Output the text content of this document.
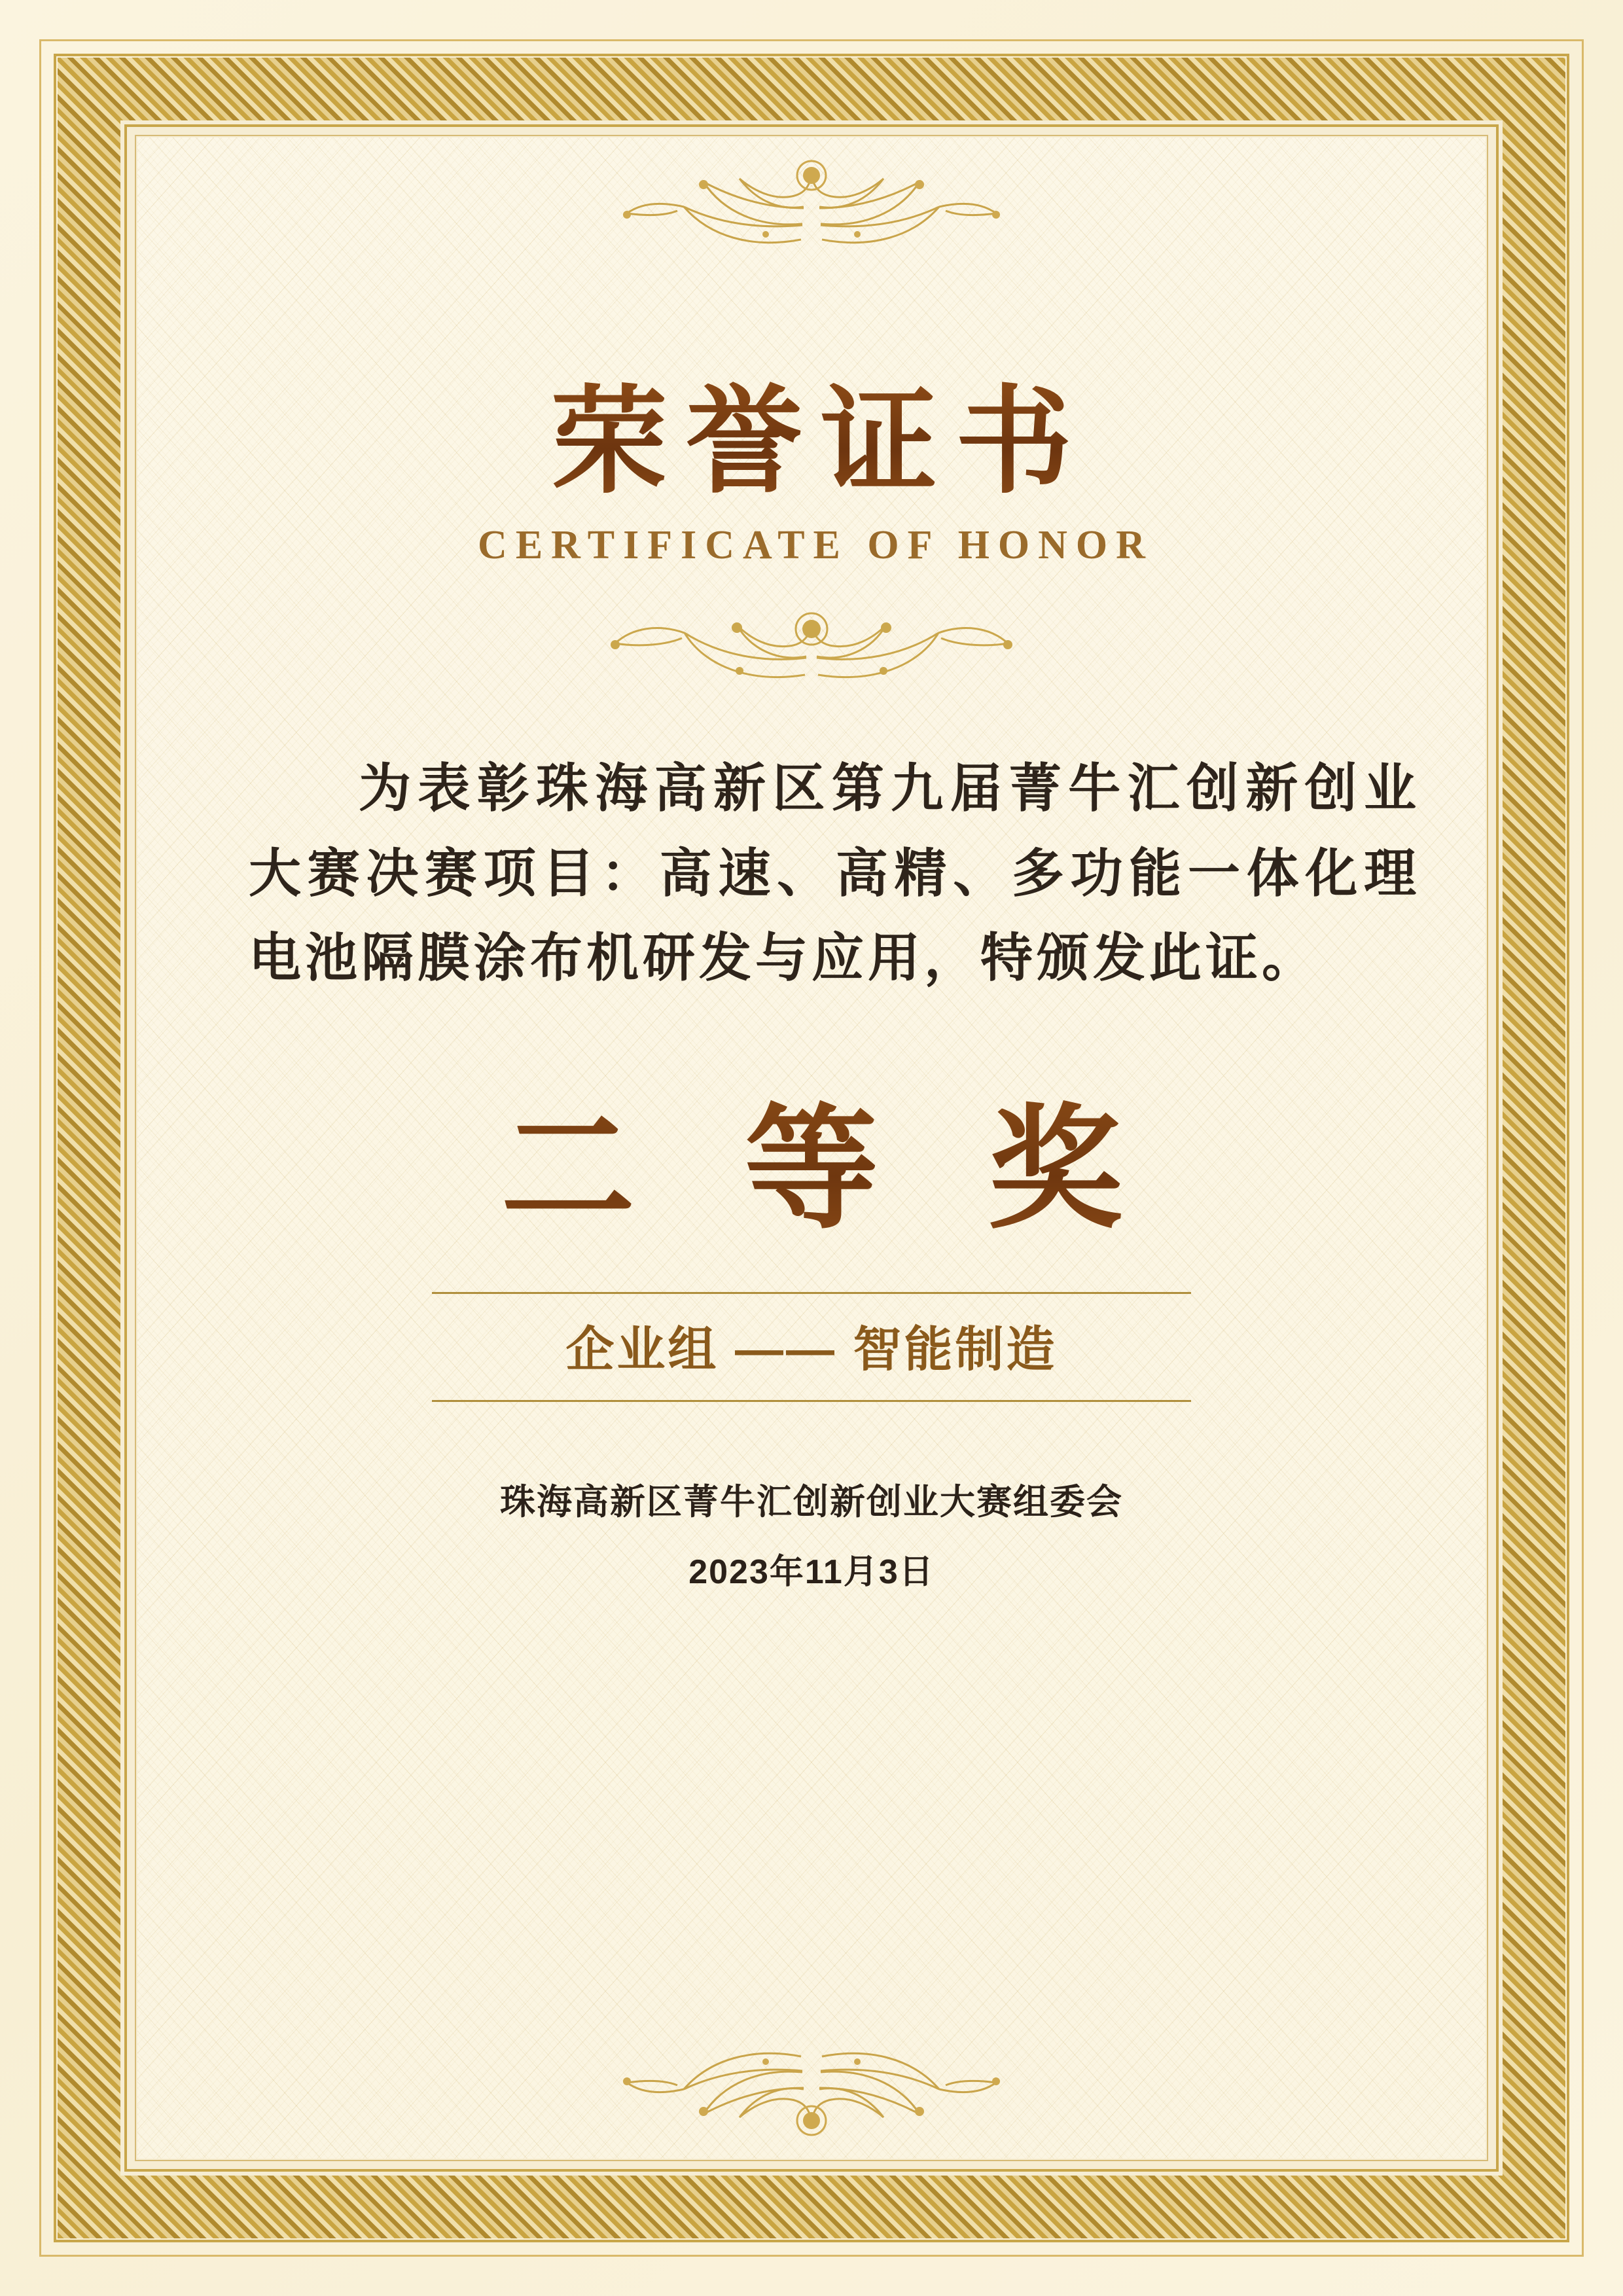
荣誉证书
CERTIFICATE OF HONOR
为表彰珠海高新区第九届菁牛汇创新创业大赛决赛项目：高速、高精、多功能一体化理电池隔膜涂布机研发与应用，特颁发此证。
二 等 奖
企业组 —— 智能制造
珠海高新区菁牛汇创新创业大赛组委会
2023年11月3日
